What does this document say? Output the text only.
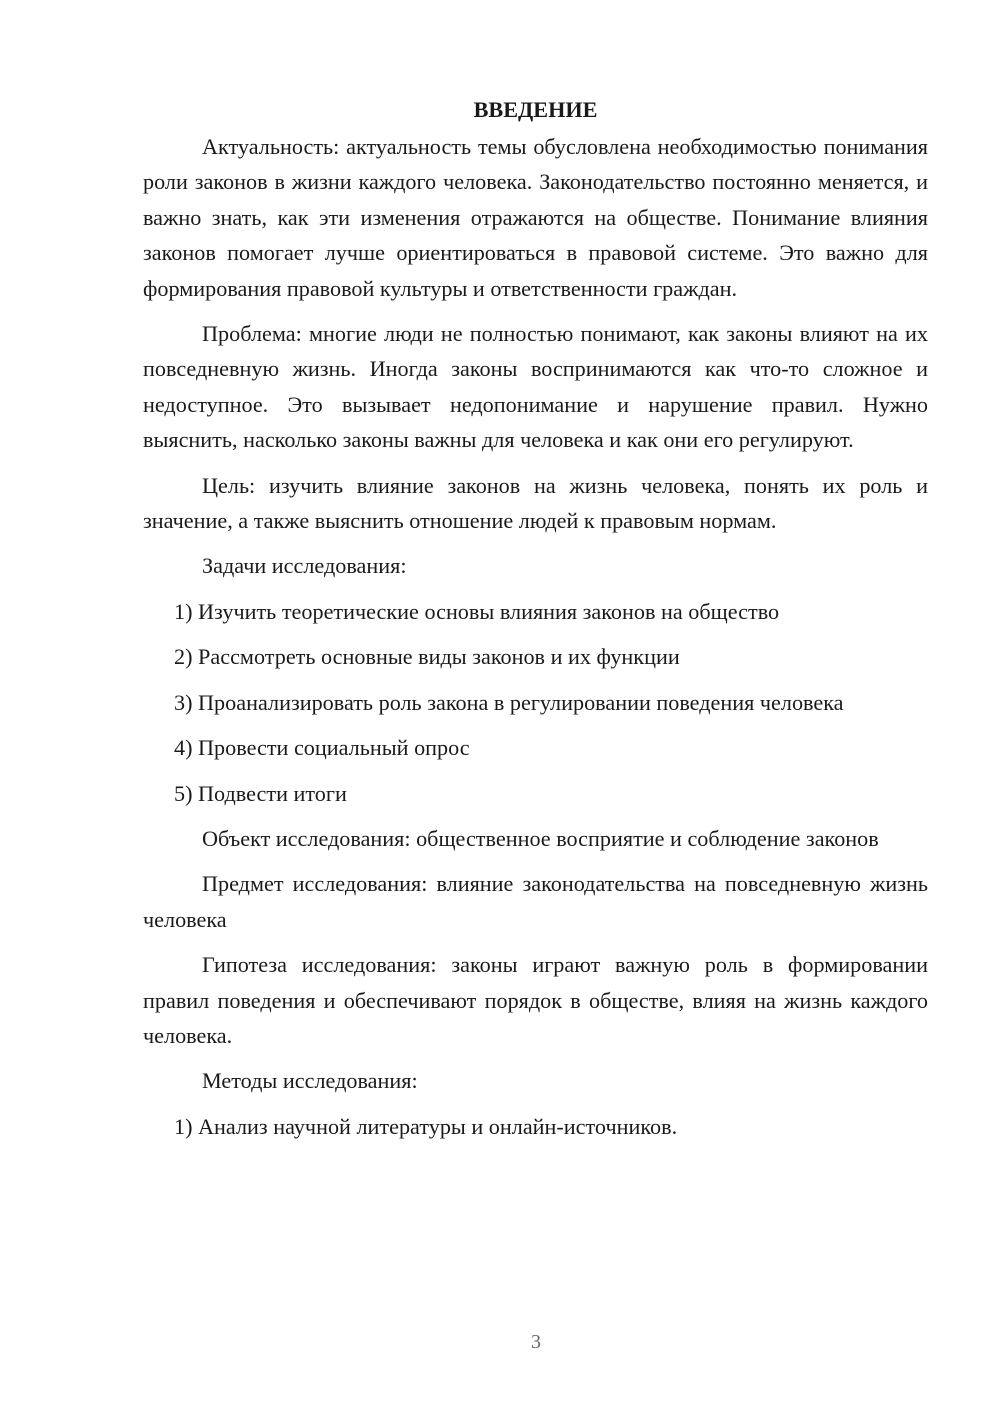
ВВЕДЕНИЕ

Актуальность: актуальность темы обусловлена необходимостью понимания роли законов в жизни каждого человека. Законодательство постоянно меняется, и важно знать, как эти изменения отражаются на обществе. Понимание влияния законов помогает лучше ориентироваться в правовой системе. Это важно для формирования правовой культуры и ответственности граждан.

Проблема: многие люди не полностью понимают, как законы влияют на их повседневную жизнь. Иногда законы воспринимаются как что-то сложное и недоступное. Это вызывает недопонимание и нарушение правил. Нужно выяснить, насколько законы важны для человека и как они его регулируют.

Цель: изучить влияние законов на жизнь человека, понять их роль и значение, а также выяснить отношение людей к правовым нормам.

Задачи исследования:

1) Изучить теоретические основы влияния законов на общество

2) Рассмотреть основные виды законов и их функции

3) Проанализировать роль закона в регулировании поведения человека

4) Провести социальный опрос

5) Подвести итоги

Объект исследования: общественное восприятие и соблюдение законов

Предмет исследования: влияние законодательства на повседневную жизнь человека

Гипотеза исследования: законы играют важную роль в формировании правил поведения и обеспечивают порядок в обществе, влияя на жизнь каждого человека.

Методы исследования:

1) Анализ научной литературы и онлайн-источников.

3
